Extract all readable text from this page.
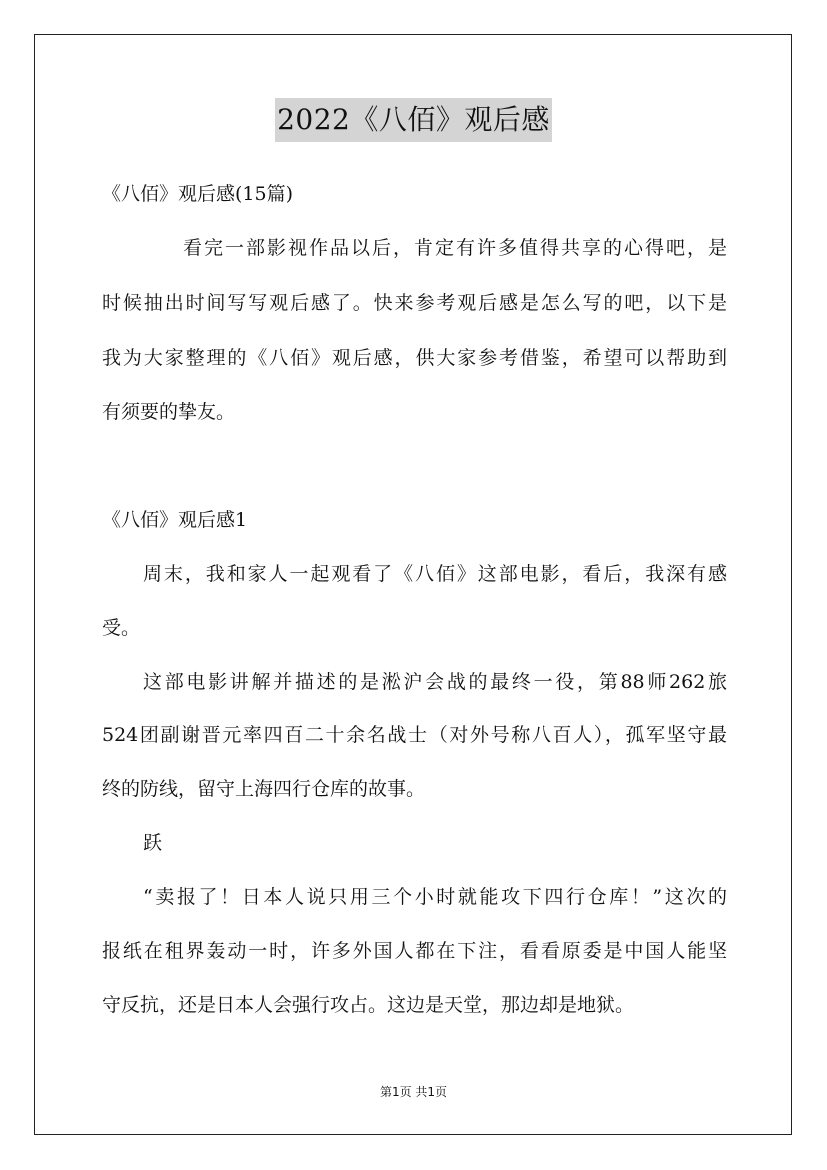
2022《八佰》观后感
《八佰》观后感(15篇)
看完一部影视作品以后，肯定有许多值得共享的心得吧，是
时候抽出时间写写观后感了。快来参考观后感是怎么写的吧，以下是
我为大家整理的《八佰》观后感，供大家参考借鉴，希望可以帮助到
有须要的挚友。
《八佰》观后感1
周末，我和家人一起观看了《八佰》这部电影，看后，我深有感
受。
这部电影讲解并描述的是淞沪会战的最终一役，第88师262旅
524团副谢晋元率四百二十余名战士（对外号称八百人），孤军坚守最
终的防线，留守上海四行仓库的故事。
跃
“卖报了！日本人说只用三个小时就能攻下四行仓库！”这次的
报纸在租界轰动一时，许多外国人都在下注，看看原委是中国人能坚
守反抗，还是日本人会强行攻占。这边是天堂，那边却是地狱。
第1页 共1页
